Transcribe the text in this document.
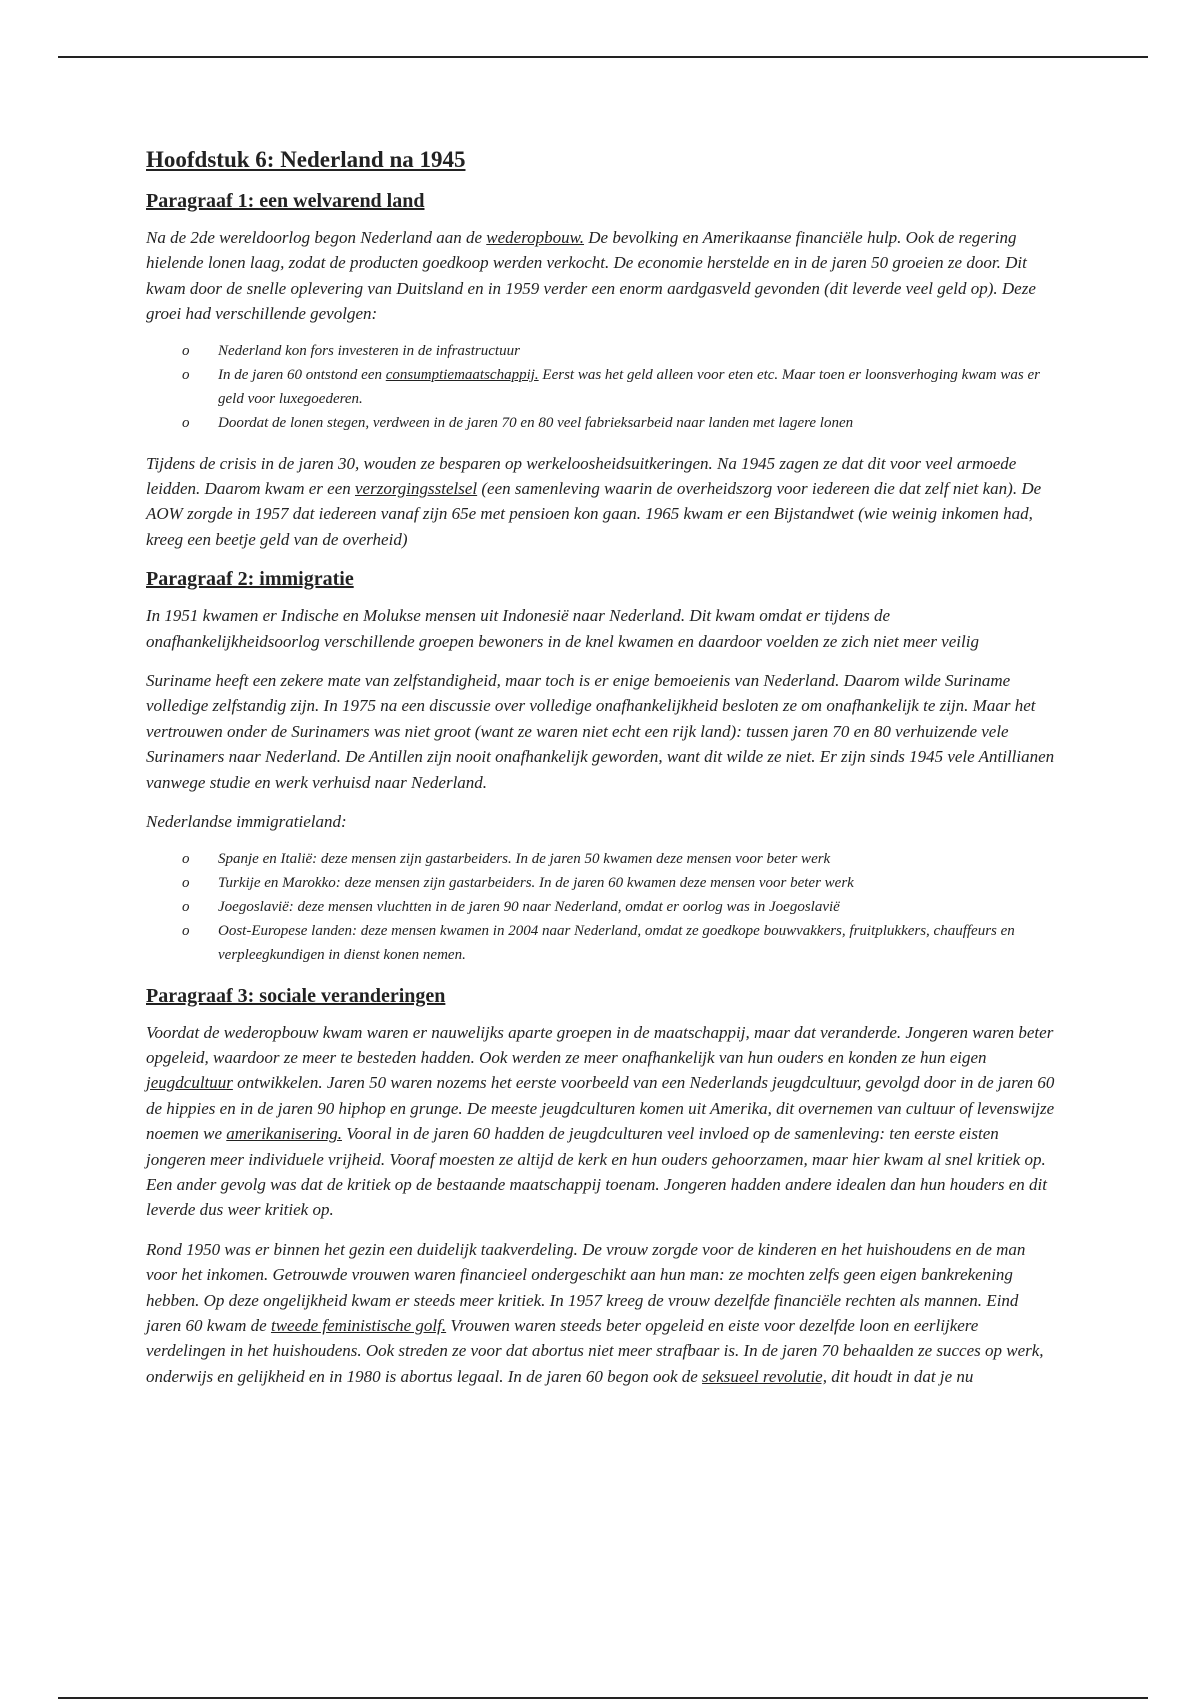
Hoofdstuk 6: Nederland na 1945
Paragraaf 1: een welvarend land

Na de 2de wereldoorlog begon Nederland aan de wederopbouw. De bevolking en Amerikaanse financiële hulp. Ook de regering hielende lonen laag, zodat de producten goedkoop werden verkocht. De economie herstelde en in de jaren 50 groeien ze door. Dit kwam door de snelle oplevering van Duitsland en in 1959 verder een enorm aardgasveld gevonden (dit leverde veel geld op). Deze groei had verschillende gevolgen:

o Nederland kon fors investeren in de infrastructuur
o In de jaren 60 ontstond een consumptiemaatschappij. Eerst was het geld alleen voor eten etc. Maar toen er loonsverhoging kwam was er geld voor luxegoederen.
o Doordat de lonen stegen, verdween in de jaren 70 en 80 veel fabrieksarbeid naar landen met lagere lonen

Tijdens de crisis in de jaren 30, wouden ze besparen op werkeloosheidsuitkeringen. Na 1945 zagen ze dat dit voor veel armoede leidden. Daarom kwam er een verzorgingsstelsel (een samenleving waarin de overheidszorg voor iedereen die dat zelf niet kan). De AOW zorgde in 1957 dat iedereen vanaf zijn 65e met pensioen kon gaan. 1965 kwam er een Bijstandwet (wie weinig inkomen had, kreeg een beetje geld van de overheid)

Paragraaf 2: immigratie

In 1951 kwamen er Indische en Molukse mensen uit Indonesië naar Nederland. Dit kwam omdat er tijdens de onafhankelijkheidsoorlog verschillende groepen bewoners in de knel kwamen en daardoor voelden ze zich niet meer veilig

Suriname heeft een zekere mate van zelfstandigheid, maar toch is er enige bemoeienis van Nederland. Daarom wilde Suriname volledige zelfstandig zijn. In 1975 na een discussie over volledige onafhankelijkheid besloten ze om onafhankelijk te zijn. Maar het vertrouwen onder de Surinamers was niet groot (want ze waren niet echt een rijk land): tussen jaren 70 en 80 verhuizende vele Surinamers naar Nederland. De Antillen zijn nooit onafhankelijk geworden, want dit wilde ze niet. Er zijn sinds 1945 vele Antillianen vanwege studie en werk verhuisd naar Nederland.

Nederlandse immigratieland:

o Spanje en Italië: deze mensen zijn gastarbeiders. In de jaren 50 kwamen deze mensen voor beter werk
o Turkije en Marokko: deze mensen zijn gastarbeiders. In de jaren 60 kwamen deze mensen voor beter werk
o Joegoslavië: deze mensen vluchtten in de jaren 90 naar Nederland, omdat er oorlog was in Joegoslavië
o Oost-Europese landen: deze mensen kwamen in 2004 naar Nederland, omdat ze goedkope bouwvakkers, fruitplukkers, chauffeurs en verpleegkundigen in dienst konen nemen.
Paragraaf 3: sociale veranderingen

Voordat de wederopbouw kwam waren er nauwelijks aparte groepen in de maatschappij, maar dat veranderde. Jongeren waren beter opgeleid, waardoor ze meer te besteden hadden. Ook werden ze meer onafhankelijk van hun ouders en konden ze hun eigen jeugdcultuur ontwikkelen. Jaren 50 waren nozems het eerste voorbeeld van een Nederlands jeugdcultuur, gevolgd door in de jaren 60 de hippies en in de jaren 90 hiphop en grunge. De meeste jeugdculturen komen uit Amerika, dit overnemen van cultuur of levenswijze noemen we amerikanisering. Vooral in de jaren 60 hadden de jeugdculturen veel invloed op de samenleving: ten eerste eisten jongeren meer individuele vrijheid. Vooraf moesten ze altijd de kerk en hun ouders gehoorzamen, maar hier kwam al snel kritiek op. Een ander gevolg was dat de kritiek op de bestaande maatschappij toenam. Jongeren hadden andere idealen dan hun houders en dit leverde dus weer kritiek op.

Rond 1950 was er binnen het gezin een duidelijk taakverdeling. De vrouw zorgde voor de kinderen en het huishoudens en de man voor het inkomen. Getrouwde vrouwen waren financieel ondergeschikt aan hun man: ze mochten zelfs geen eigen bankrekening hebben. Op deze ongelijkheid kwam er steeds meer kritiek. In 1957 kreeg de vrouw dezelfde financiële rechten als mannen. Eind jaren 60 kwam de tweede feministische golf. Vrouwen waren steeds beter opgeleid en eiste voor dezelfde loon en eerlijkere verdelingen in het huishoudens. Ook streden ze voor dat abortus niet meer strafbaar is. In de jaren 70 behaalden ze succes op werk, onderwijs en gelijkheid en in 1980 is abortus legaal. In de jaren 60 begon ook de seksueel revolutie, dit houdt in dat je nu
